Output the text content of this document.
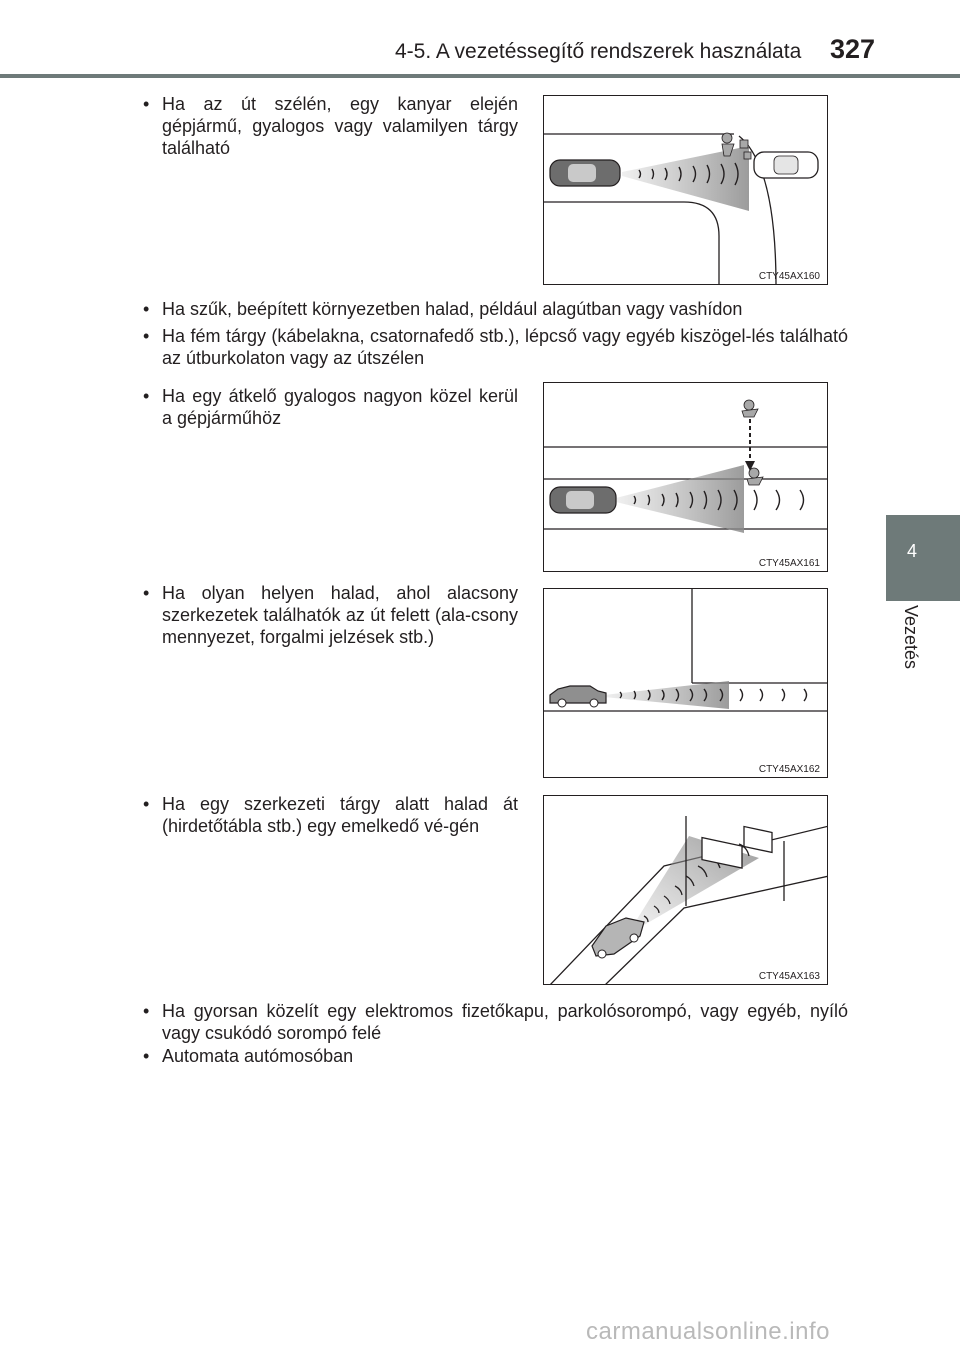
4-5. A vezetéssegítő rendszerek használata 327
4
Vezetés
• Ha az út szélén, egy kanyar elején gépjármű, gyalogos vagy valamilyen tárgy található
CTY45AX160
• Ha szűk, beépített környezetben halad, például alagútban vagy vashídon
• Ha fém tárgy (kábelakna, csatornafedő stb.), lépcső vagy egyéb kiszögel-lés található az útburkolaton vagy az útszélen
• Ha egy átkelő gyalogos nagyon közel kerül a gépjárműhöz
CTY45AX161
• Ha olyan helyen halad, ahol alacsony szerkezetek találhatók az út felett (ala-csony mennyezet, forgalmi jelzések stb.)
CTY45AX162
• Ha egy szerkezeti tárgy alatt halad át (hirdetőtábla stb.) egy emelkedő vé-gén
CTY45AX163
• Ha gyorsan közelít egy elektromos fizetőkapu, parkolósorompó, vagy egyéb, nyíló vagy csukódó sorompó felé
• Automata autómosóban
carmanualsonline.info
